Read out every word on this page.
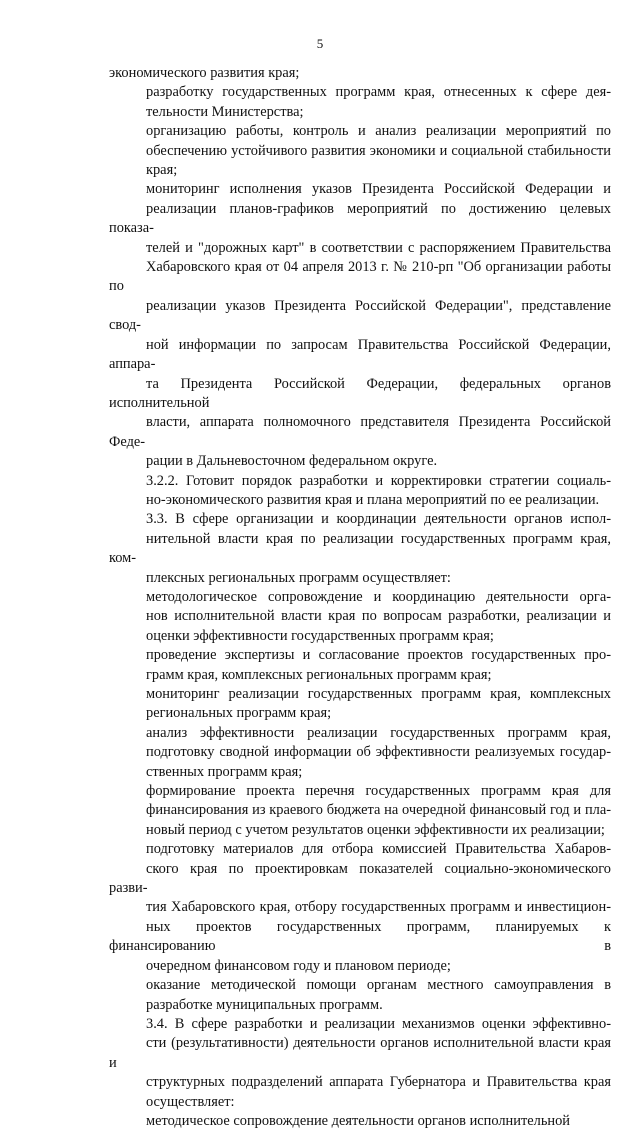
5

экономического развития края;

разработку государственных программ края, отнесенных к сфере дея-
тельности Министерства;

организацию работы, контроль и анализ реализации мероприятий по
обеспечению устойчивого развития экономики и социальной стабильности
края;

мониторинг исполнения указов Президента Российской Федерации и
реализации планов-графиков мероприятий по достижению целевых показа-
телей и "дорожных карт" в соответствии с распоряжением Правительства
Хабаровского края от 04 апреля 2013 г. № 210-рп "Об организации работы по
реализации указов Президента Российской Федерации", представление свод-
ной информации по запросам Правительства Российской Федерации, аппара-
та Президента Российской Федерации, федеральных органов исполнительной
власти, аппарата полномочного представителя Президента Российской Феде-
рации в Дальневосточном федеральном округе.

3.2.2. Готовит порядок разработки и корректировки стратегии социаль-
но-экономического развития края и плана мероприятий по ее реализации.

3.3. В сфере организации и координации деятельности органов испол-
нительной власти края по реализации государственных программ края, ком-
плексных региональных программ осуществляет:

методологическое сопровождение и координацию деятельности орга-
нов исполнительной власти края по вопросам разработки, реализации и
оценки эффективности государственных программ края;

проведение экспертизы и согласование проектов государственных про-
грамм края, комплексных региональных программ края;

мониторинг реализации государственных программ края, комплексных
региональных программ края;

анализ эффективности реализации государственных программ края,
подготовку сводной информации об эффективности реализуемых государ-
ственных программ края;

формирование проекта перечня государственных программ края для
финансирования из краевого бюджета на очередной финансовый год и пла-
новый период с учетом результатов оценки эффективности их реализации;

подготовку материалов для отбора комиссией Правительства Хабаров-
ского края по проектировкам показателей социально-экономического разви-
тия Хабаровского края, отбору государственных программ и инвестицион-
ных проектов государственных программ, планируемых к финансированию в
очередном финансовом году и плановом периоде;

оказание методической помощи органам местного самоуправления в
разработке муниципальных программ.

3.4. В сфере разработки и реализации механизмов оценки эффективно-
сти (результативности) деятельности органов исполнительной власти края и
структурных подразделений аппарата Губернатора и Правительства края
осуществляет:

методическое сопровождение деятельности органов исполнительной
